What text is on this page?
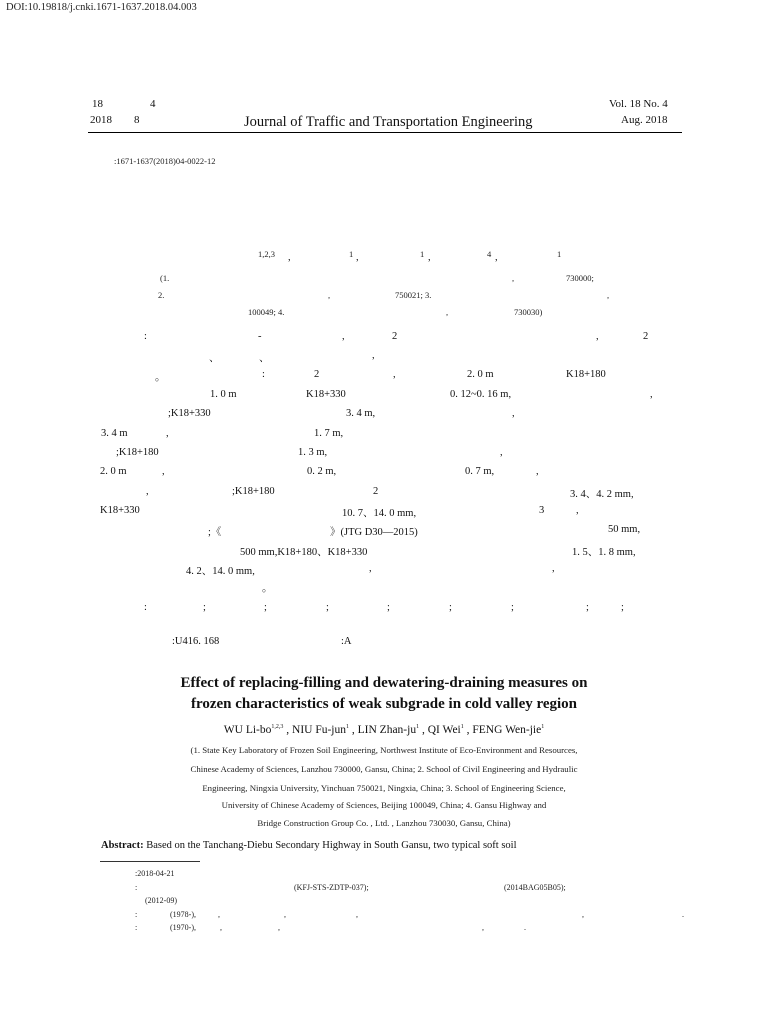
DOI:10.19818/j.cnki.1671-1637.2018.04.003
18	4
2018 8	Journal of Traffic and Transportation Engineering
Vol. 18 No. 4
Aug. 2018
:1671-1637(2018)04-0022-12
1,2,3 ,	1 ,	1 ,	4 ,	1
(1.	,	730000;
2.	,	750021; 3.	,
100049; 4.	,	730030)
:	-	,	2	,	2
、	、	,
。	:	2	,	2. 0 m	K18+180
1. 0 m	K18+330	0. 12~0. 16 m,	,
;K18+330	3. 4 m,	,
3. 4 m	,	1. 7 m,
;K18+180	1. 3 m,	,
2. 0 m	,	0. 2 m,	0. 7 m,	,
,	;K18+180	2	3. 4、4. 2 mm,
K18+330	10. 7、14. 0 mm,	3	,
;《	》(JTG D30—2015)	50 mm,
500 mm,K18+180、K18+330	1. 5、1. 8 mm,
4. 2、14. 0 mm,	,	,
。
:	;	;	;	;	;	;	;	;
:U416. 168	:A
Effect of replacing-filling and dewatering-draining measures on
frozen characteristics of weak subgrade in cold valley region
WU Li-bo$^{1,2,3}$ , NIU Fu-jun$^1$ , LIN Zhan-$ju^1$ , QI Wei$^1$ , FENG Wen-jie$^1$
(1. State Key Laboratory of Frozen Soil Engineering, Northwest Institute of Eco-Environment and Resources,
Chinese Academy of Sciences, Lanzhou 730000, Gansu, China; 2. School of Civil Engineering and Hydraulic
Engineering, Ningxia University, Yinchuan 750021, Ningxia, China; 3. School of Engineering Science,
University of Chinese Academy of Sciences, Beijing 100049, China; 4. Gansu Highway and
Bridge Construction Group Co. , Ltd. , Lanzhou 730030, Gansu, China)
Abstract: Based on the Tanchang-Diebu Secondary Highway in South Gansu, two typical soft soil
:2018-04-21
:	(KFJ-STS-ZDTP-037);	(2014BAG05B05);
(2012-09)
:	(1978-),	,	,	,	,	.
:	(1970-),	,	,	,	.
